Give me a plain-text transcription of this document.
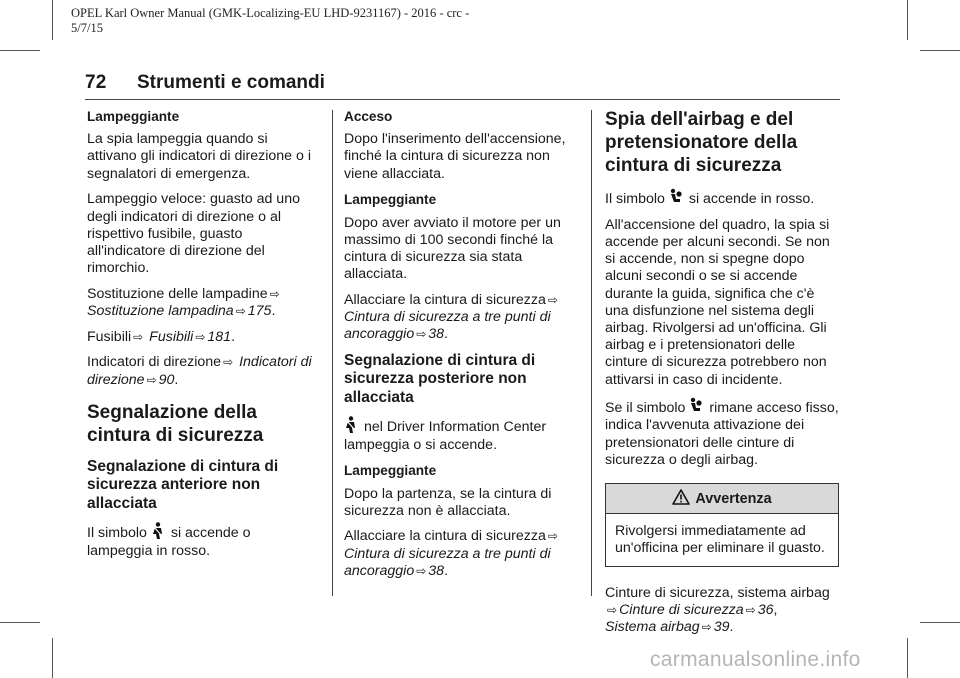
OPEL Karl Owner Manual (GMK-Localizing-EU LHD-9231167) - 2016 - crc -
5/7/15
72 Strumenti e comandi
Lampeggiante

La spia lampeggia quando si attivano gli indicatori di direzione o i segnalatori di emergenza.

Lampeggio veloce: guasto ad uno degli indicatori di direzione o al rispettivo fusibile, guasto all'indicatore di direzione del rimorchio.

Sostituzione delle lampadine ⇨
Sostituzione lampadina ⇨ 175.

Fusibili ⇨ Fusibili ⇨ 181.

Indicatori di direzione ⇨ Indicatori di direzione ⇨ 90.

Segnalazione della cintura di sicurezza
Segnalazione di cintura di sicurezza anteriore non allacciata

Il simbolo si accende o lampeggia in rosso.

Acceso

Dopo l'inserimento dell'accensione, finché la cintura di sicurezza non viene allacciata.

Lampeggiante

Dopo aver avviato il motore per un massimo di 100 secondi finché la cintura di sicurezza sia stata allacciata.

Allacciare la cintura di sicurezza ⇨
Cintura di sicurezza a tre punti di ancoraggio ⇨ 38.

Segnalazione di cintura di sicurezza posteriore non allacciata

nel Driver Information Center lampeggia o si accende.

Lampeggiante

Dopo la partenza, se la cintura di sicurezza non è allacciata.

Allacciare la cintura di sicurezza ⇨
Cintura di sicurezza a tre punti di ancoraggio ⇨ 38.

Spia dell'airbag e del pretensionatore della cintura di sicurezza

Il simbolo si accende in rosso.

All'accensione del quadro, la spia si accende per alcuni secondi. Se non si accende, non si spegne dopo alcuni secondi o se si accende durante la guida, significa che c'è una disfunzione nel sistema degli airbag. Rivolgersi ad un'officina. Gli airbag e i pretensionatori delle cinture di sicurezza potrebbero non attivarsi in caso di incidente.

Se il simbolo rimane acceso fisso, indica l'avvenuta attivazione dei pretensionatori delle cinture di sicurezza o degli airbag.

Avvertenza
Rivolgersi immediatamente ad un'officina per eliminare il guasto.

Cinture di sicurezza, sistema airbag
⇨ Cinture di sicurezza ⇨ 36,
Sistema airbag ⇨ 39.

carmanualsonline.info
